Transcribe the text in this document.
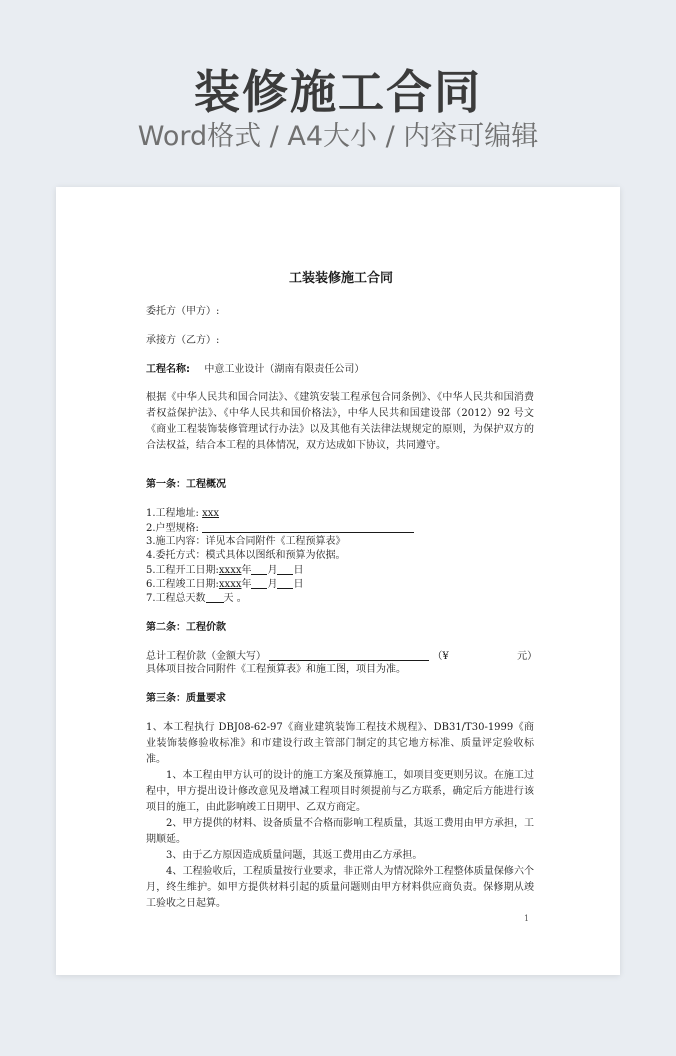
装修施工合同
Word格式 / A4大小 / 内容可编辑
工装装修施工合同
委托方（甲方）:
承接方（乙方）:
工程名称: 中意工业设计（湖南有限责任公司）
根据《中华人民共和国合同法》、《建筑安装工程承包合同条例》、《中华人民共和国消费者权益保护法》、《中华人民共和国价格法》，中华人民共和国建设部（2012）92 号文《商业工程装饰装修管理试行办法》以及其他有关法律法规规定的原则，为保护双方的合法权益，结合本工程的具体情况，双方达成如下协议，共同遵守。
第一条：工程概况
1.工程地址: xxx
2.户型规格:
3.施工内容：详见本合同附件《工程预算表》
4.委托方式：模式具体以图纸和预算为依据。
5.工程开工日期:xxxx年 月 日
6.工程竣工日期:xxxx年 月 日
7.工程总天数 天 。
第二条：工程价款
总计工程价款（金额大写）	（¥	元）
具体项目按合同附件《工程预算表》和施工图，项目为准。
第三条：质量要求
1、本工程执行 DBJ08-62-97《商业建筑装饰工程技术规程》、DB31/T30-1999《商业装饰装修验收标准》和市建设行政主管部门制定的其它地方标准、质量评定验收标准。
1、本工程由甲方认可的设计的施工方案及预算施工，如项目变更则另议。在施工过程中，甲方提出设计修改意见及增减工程项目时须提前与乙方联系，确定后方能进行该项目的施工，由此影响竣工日期甲、乙双方商定。
2、甲方提供的材料、设备质量不合格而影响工程质量，其返工费用由甲方承担，工期顺延。
3、由于乙方原因造成质量问题，其返工费用由乙方承担。
4、工程验收后，工程质量按行业要求，非正常人为情况除外工程整体质量保修六个月，终生维护。如甲方提供材料引起的质量问题则由甲方材料供应商负责。保修期从竣工验收之日起算。
1
